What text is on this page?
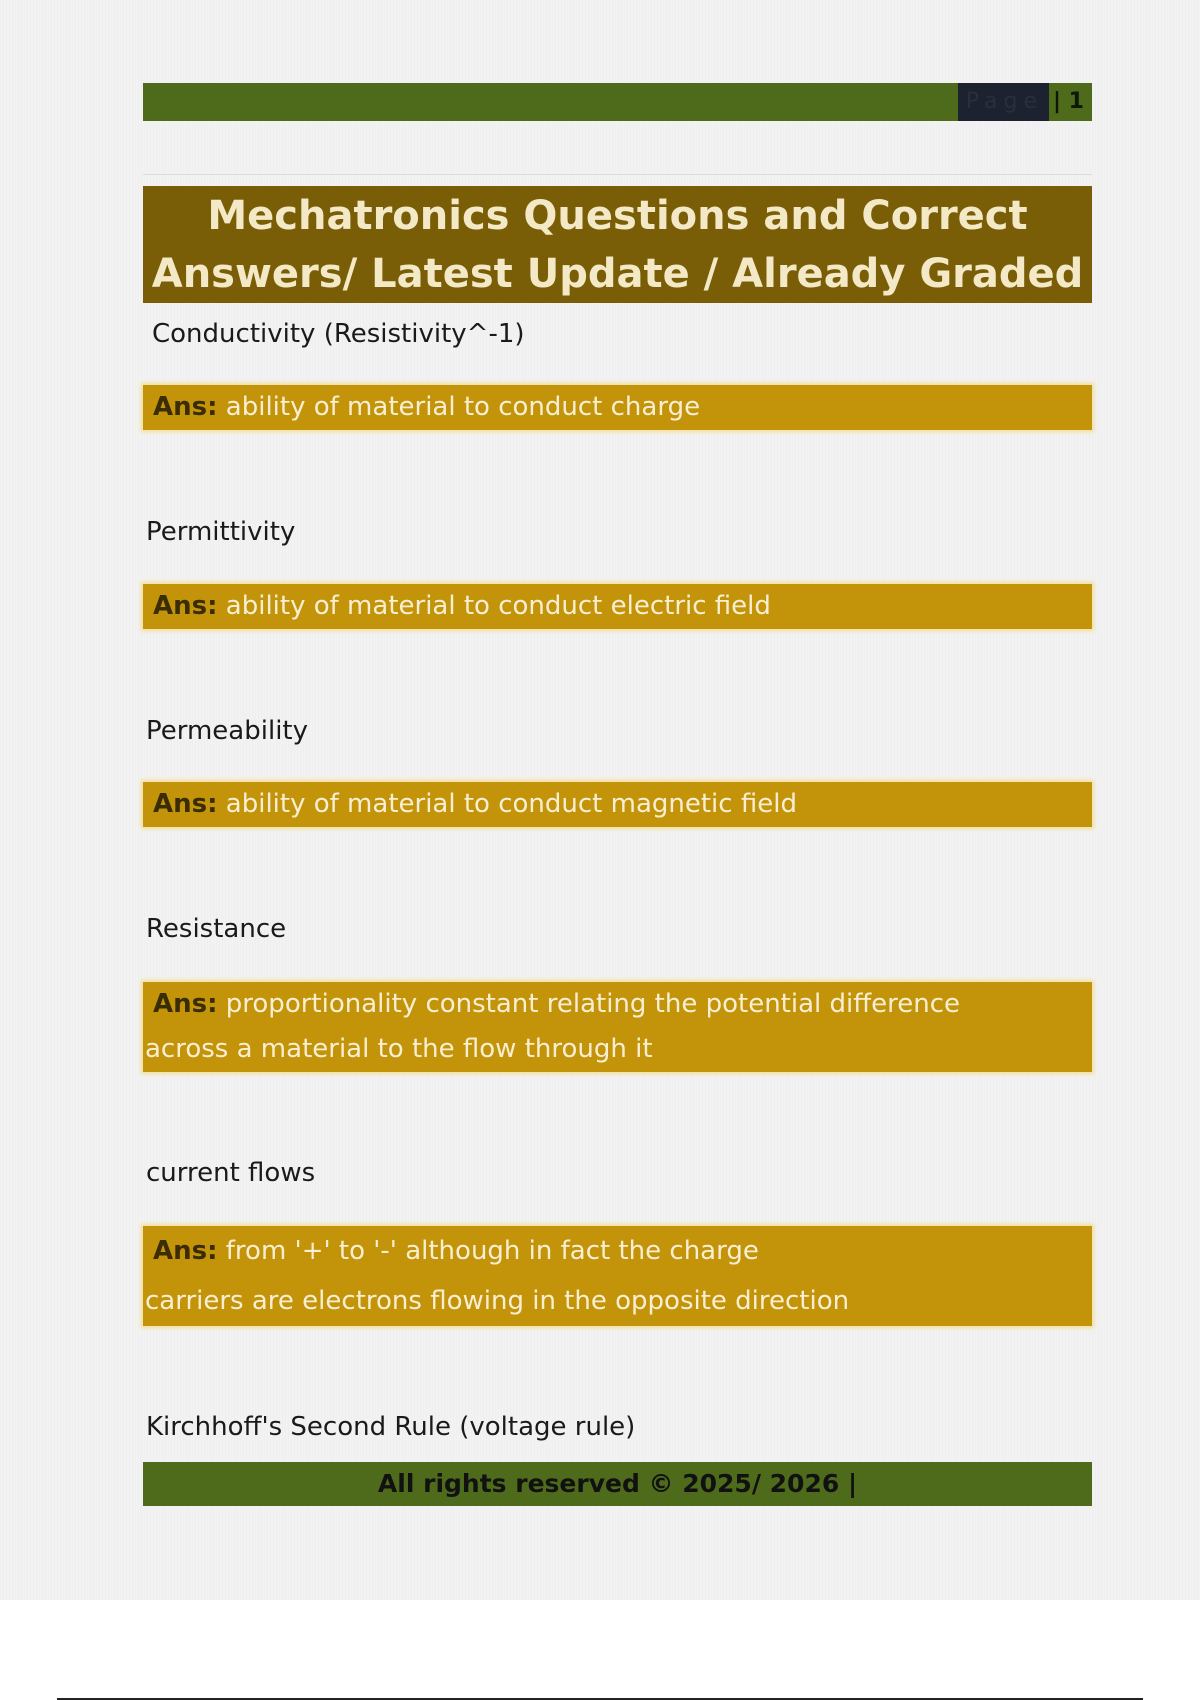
Page | 1
Mechatronics Questions and Correct Answers/ Latest Update / Already Graded
Conductivity (Resistivity^-1)
Ans: ability of material to conduct charge
Permittivity
Ans: ability of material to conduct electric field
Permeability
Ans: ability of material to conduct magnetic field
Resistance
Ans: proportionality constant relating the potential difference
across a material to the flow through it
current flows
Ans: from '+' to '-' although in fact the charge
carriers are electrons flowing in the opposite direction
Kirchhoff's Second Rule (voltage rule)
All rights reserved © 2025/ 2026 |
